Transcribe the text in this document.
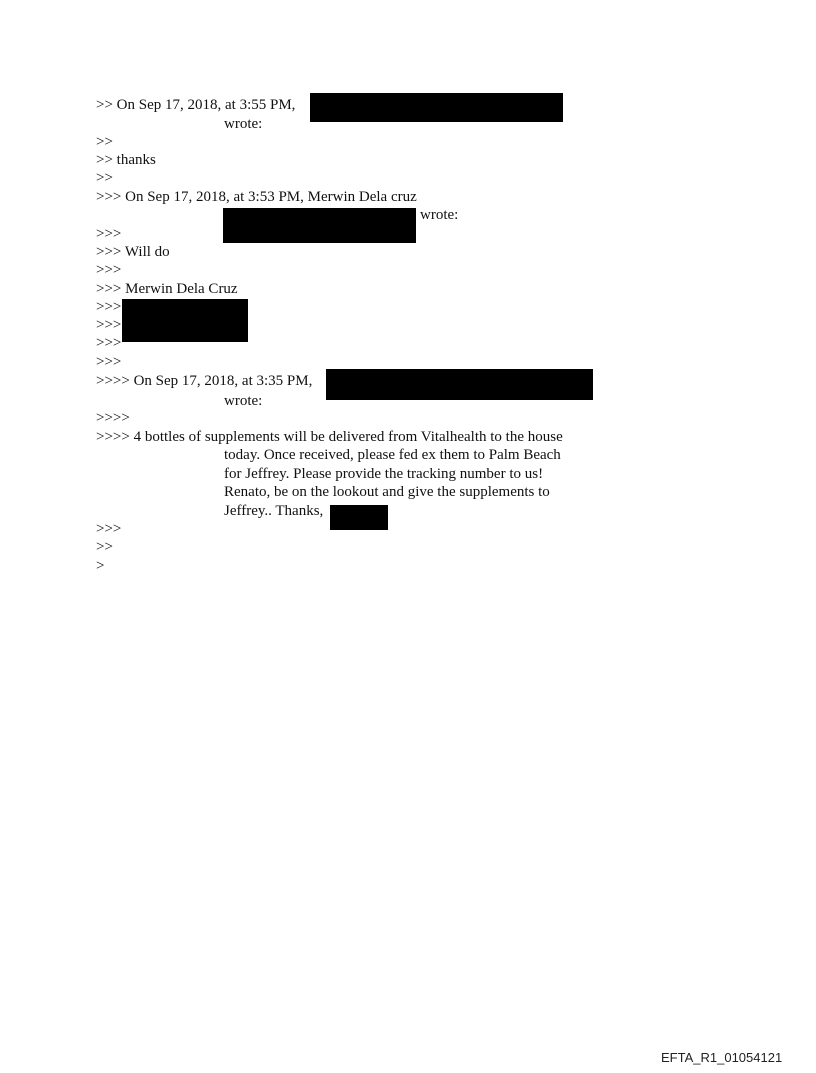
>> On Sep 17, 2018, at 3:55 PM,
wrote:
>>
>> thanks
>>
>>> On Sep 17, 2018, at 3:53 PM, Merwin Dela cruz
wrote:
>>>
>>> Will do
>>>
>>> Merwin Dela Cruz
>>>
>>>
>>>
>>>
>>>> On Sep 17, 2018, at 3:35 PM,
wrote:
>>>>
>>>> 4 bottles of supplements will be delivered from Vitalhealth to the house
today. Once received, please fed ex them to Palm Beach
for Jeffrey. Please provide the tracking number to us!
Renato, be on the lookout and give the supplements to
Jeffrey.. Thanks,
>>>
>>
>
EFTA_R1_01054121
